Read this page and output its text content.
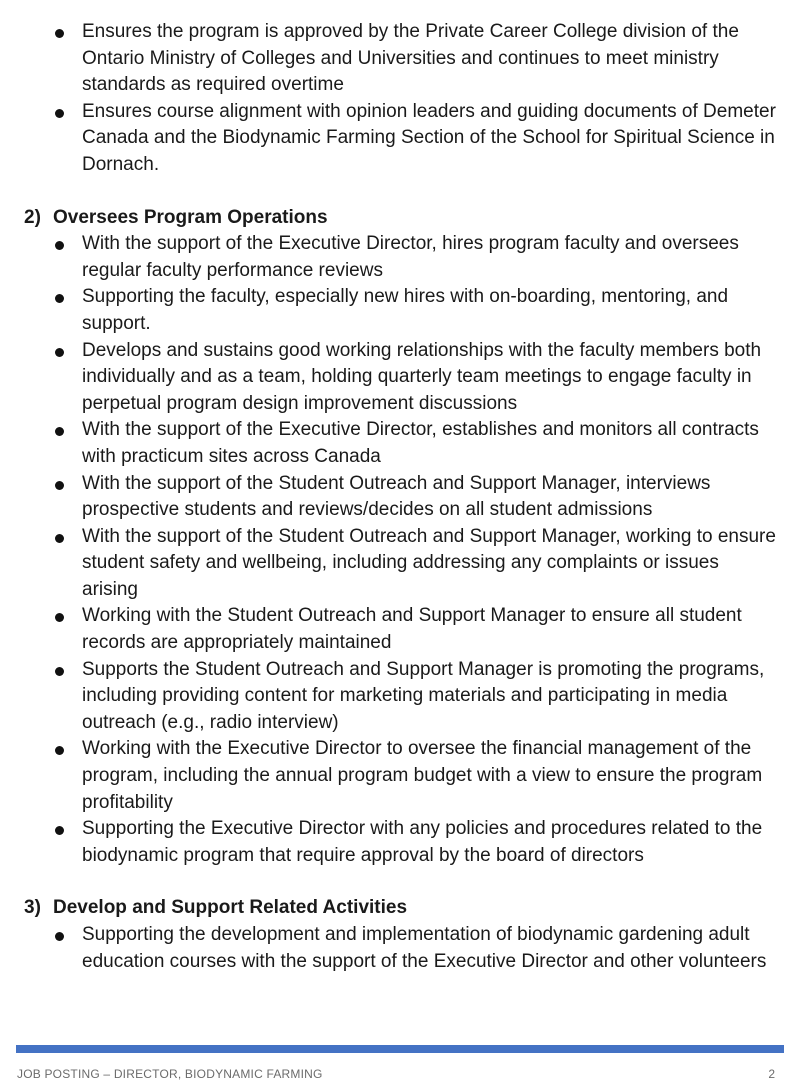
Ensures the program is approved by the Private Career College division of the Ontario Ministry of Colleges and Universities and continues to meet ministry standards as required overtime
Ensures course alignment with opinion leaders and guiding documents of Demeter Canada and the Biodynamic Farming Section of the School for Spiritual Science in Dornach.
2) Oversees Program Operations
With the support of the Executive Director, hires program faculty and oversees regular faculty performance reviews
Supporting the faculty, especially new hires with on-boarding, mentoring, and support.
Develops and sustains good working relationships with the faculty members both individually and as a team, holding quarterly team meetings to engage faculty in perpetual program design improvement discussions
With the support of the Executive Director, establishes and monitors all contracts with practicum sites across Canada
With the support of the Student Outreach and Support Manager, interviews prospective students and reviews/decides on all student admissions
With the support of the Student Outreach and Support Manager, working to ensure student safety and wellbeing, including addressing any complaints or issues arising
Working with the Student Outreach and Support Manager to ensure all student records are appropriately maintained
Supports the Student Outreach and Support Manager is promoting the programs, including providing content for marketing materials and participating in media outreach (e.g., radio interview)
Working with the Executive Director to oversee the financial management of the program, including the annual program budget with a view to ensure the program profitability
Supporting the Executive Director with any policies and procedures related to the biodynamic program that require approval by the board of directors
3) Develop and Support Related Activities
Supporting the development and implementation of biodynamic gardening adult education courses with the support of the Executive Director and other volunteers
JOB POSTING – DIRECTOR, BIODYNAMIC FARMING	2
